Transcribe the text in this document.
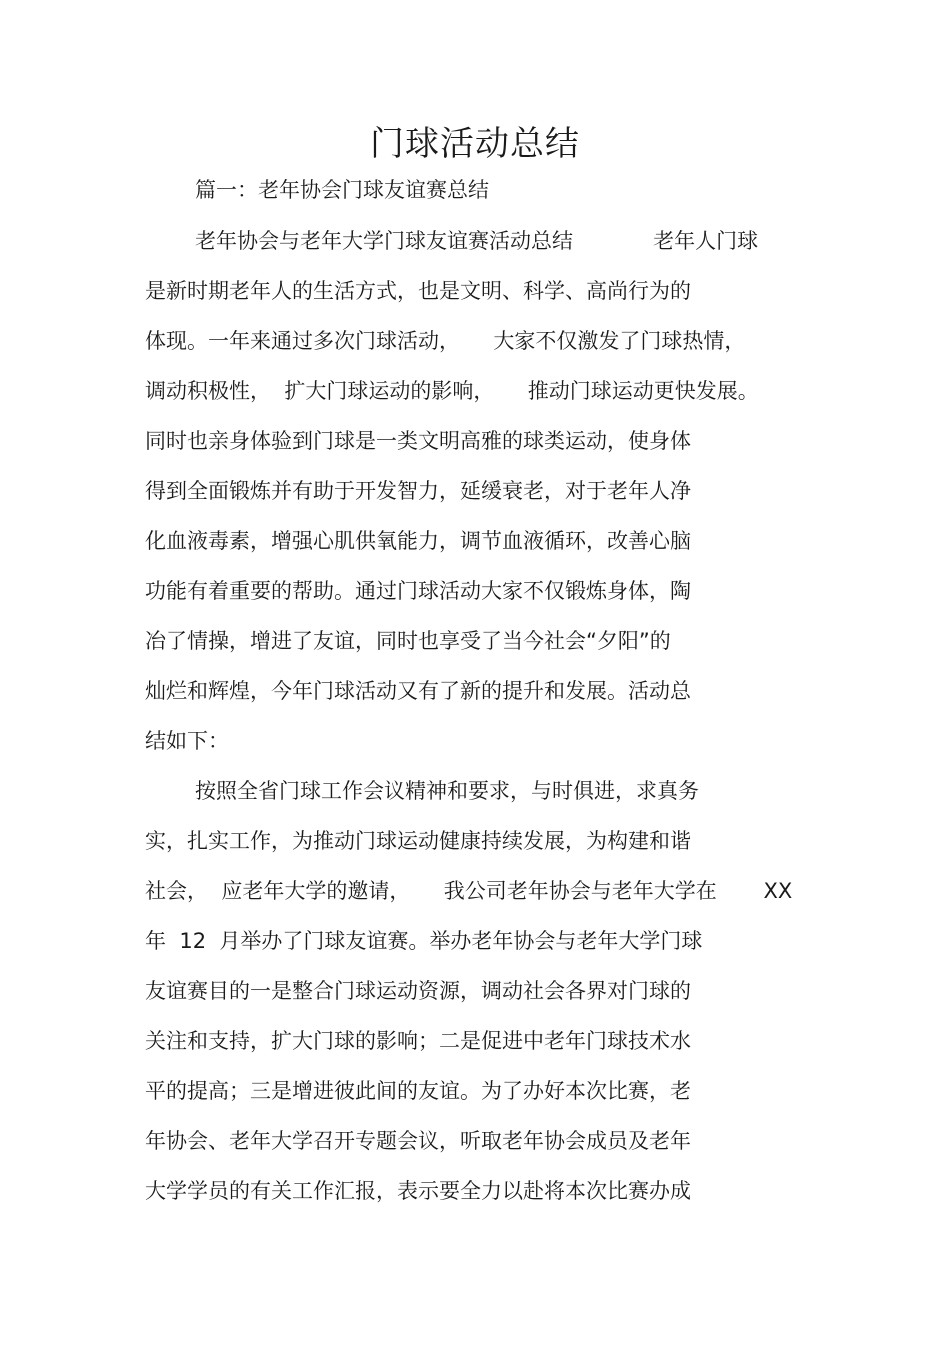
门球活动总结

篇一：老年协会门球友谊赛总结

老年协会与老年大学门球友谊赛活动总结            老年人门球

是新时期老年人的生活方式，也是文明、科学、高尚行为的

体现。一年来通过多次门球活动，     大家不仅激发了门球热情，

调动积极性，  扩大门球运动的影响，     推动门球运动更快发展。

同时也亲身体验到门球是一类文明高雅的球类运动，使身体

得到全面锻炼并有助于开发智力，延缓衰老，对于老年人净

化血液毒素，增强心肌供氧能力，调节血液循环，改善心脑

功能有着重要的帮助。通过门球活动大家不仅锻炼身体，陶

冶了情操，增进了友谊，同时也享受了当今社会“夕阳”的

灿烂和辉煌，今年门球活动又有了新的提升和发展。活动总

结如下：

按照全省门球工作会议精神和要求，与时俱进，求真务

实，扎实工作，为推动门球运动健康持续发展，为构建和谐

社会，  应老年大学的邀请，     我公司老年协会与老年大学在       XX

年  12  月举办了门球友谊赛。举办老年协会与老年大学门球

友谊赛目的一是整合门球运动资源，调动社会各界对门球的

关注和支持，扩大门球的影响；二是促进中老年门球技术水

平的提高；三是增进彼此间的友谊。为了办好本次比赛，老

年协会、老年大学召开专题会议，听取老年协会成员及老年

大学学员的有关工作汇报，表示要全力以赴将本次比赛办成
